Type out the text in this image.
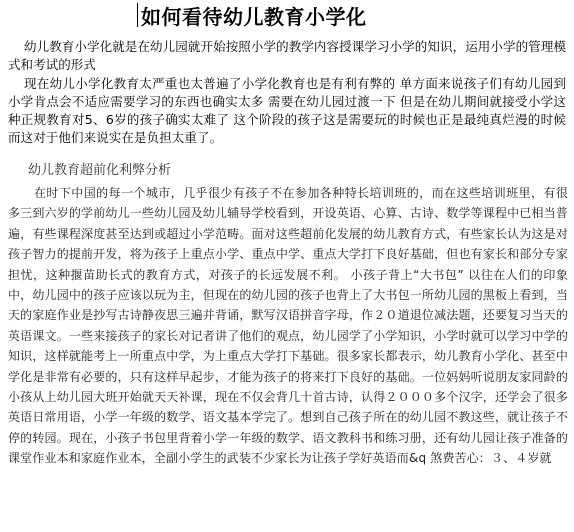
如何看待幼儿教育小学化
幼儿教育小学化就是在幼儿园就开始按照小学的教学内容授课学习小学的知识，运用小学的管理模式和考试的形式
现在幼儿小学化教育太严重也太普遍了小学化教育也是有利有弊的 单方面来说孩子们有幼儿园到小学肯点会不适应需要学习的东西也确实太多 需要在幼儿园过渡一下 但是在幼儿期间就接受小学这种正规教育对5、6岁的孩子确实太难了 这个阶段的孩子这是需要玩的时候也正是最纯真烂漫的时候 而这对于他们来说实在是负担太重了。
幼儿教育超前化利弊分析
在时下中国的每一个城市，几乎很少有孩子不在参加各种特长培训班的，而在这些培训班里，有很多三到六岁的学前幼儿一些幼儿园及幼儿辅导学校看到，开设英语、心算、古诗、数学等课程中已相当普遍，有些课程深度甚至达到或超过小学范畴。面对这些超前化发展的幼儿教育方式，有些家长认为这是对孩子智力的提前开发，将为孩子上重点小学、重点中学、重点大学打下良好基础，但也有家长和部分专家担忧，这种揠苗助长式的教育方式，对孩子的长远发展不利。 小孩子背上“大书包” 以往在人们的印象中，幼儿园中的孩子应该以玩为主，但现在的幼儿园的孩子也背上了大书包一所幼儿园的黑板上看到，当天的家庭作业是抄写古诗静夜思三遍并背诵，默写汉语拼音字母，作２０道退位减法题，还要复习当天的英语课文。一些来接孩子的家长对记者讲了他们的观点，幼儿园学了小学知识，小学时就可以学习中学的知识，这样就能考上一所重点中学，为上重点大学打下基础。很多家长都表示，幼儿教育小学化、甚至中学化是非常有必要的，只有这样早起步，才能为孩子的将来打下良好的基础。一位妈妈听说朋友家同龄的小孩从上幼儿园大班开始就天天补课，现在不仅会背几十首古诗，认得２０００多个汉字，还学会了很多英语日常用语，小学一年级的数学、语文基本学完了。想到自己孩子所在的幼儿园不教这些，就让孩子不停的转园。现在，小孩子书包里背着小学一年级的数学、语文教科书和练习册，还有幼儿园让孩子准备的课堂作业本和家庭作业本，全副小学生的武装不少家长为让孩子学好英语而&q 煞费苦心：３、４岁就
